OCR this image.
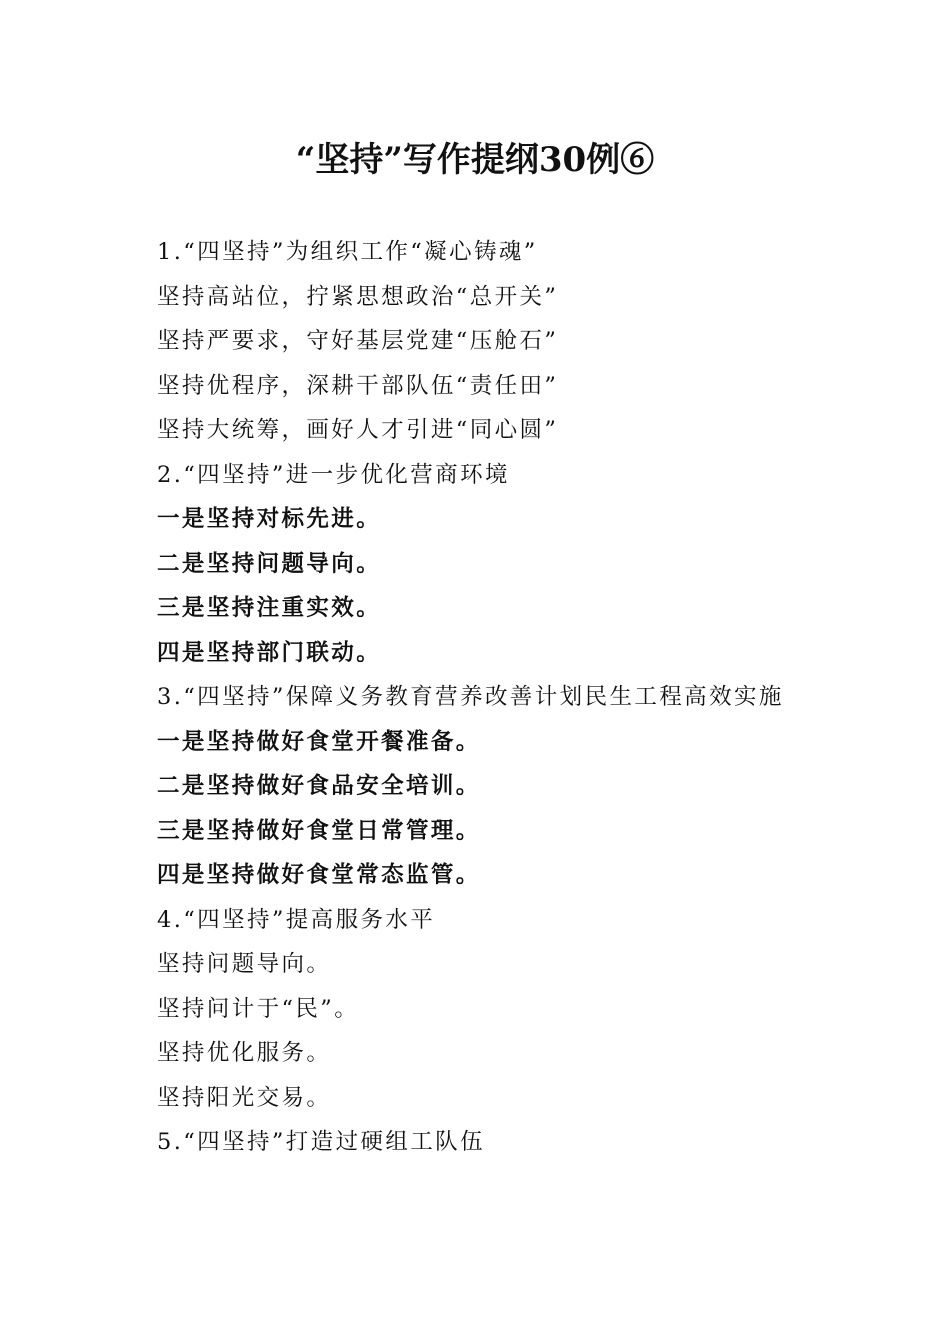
“坚持”写作提纲30例⑥

1.“四坚持”为组织工作“凝心铸魂”

坚持高站位，拧紧思想政治“总开关”

坚持严要求，守好基层党建“压舱石”

坚持优程序，深耕干部队伍“责任田”

坚持大统筹，画好人才引进“同心圆”

2.“四坚持”进一步优化营商环境

一是坚持对标先进。

二是坚持问题导向。

三是坚持注重实效。

四是坚持部门联动。

3.“四坚持”保障义务教育营养改善计划民生工程高效实施

一是坚持做好食堂开餐准备。

二是坚持做好食品安全培训。

三是坚持做好食堂日常管理。

四是坚持做好食堂常态监管。

4.“四坚持”提高服务水平

坚持问题导向。

坚持问计于“民”。

坚持优化服务。

坚持阳光交易。

5.“四坚持”打造过硬组工队伍
